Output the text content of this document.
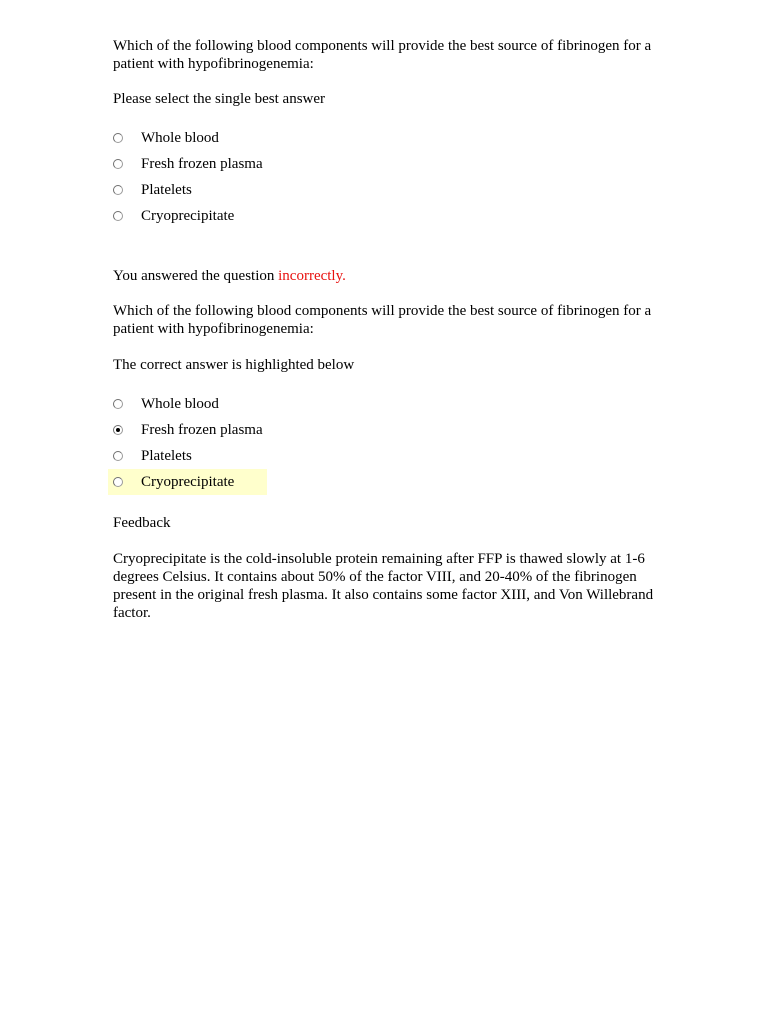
Which of the following blood components will provide the best source of fibrinogen for a patient with hypofibrinogenemia:

Please select the single best answer

Whole blood
Fresh frozen plasma
Platelets
Cryoprecipitate

You answered the question incorrectly.

Which of the following blood components will provide the best source of fibrinogen for a patient with hypofibrinogenemia:

The correct answer is highlighted below

Whole blood
Fresh frozen plasma
Platelets
Cryoprecipitate

Feedback

Cryoprecipitate is the cold-insoluble protein remaining after FFP is thawed slowly at 1-6 degrees Celsius. It contains about 50% of the factor VIII, and 20-40% of the fibrinogen present in the original fresh plasma. It also contains some factor XIII, and Von Willebrand factor.
